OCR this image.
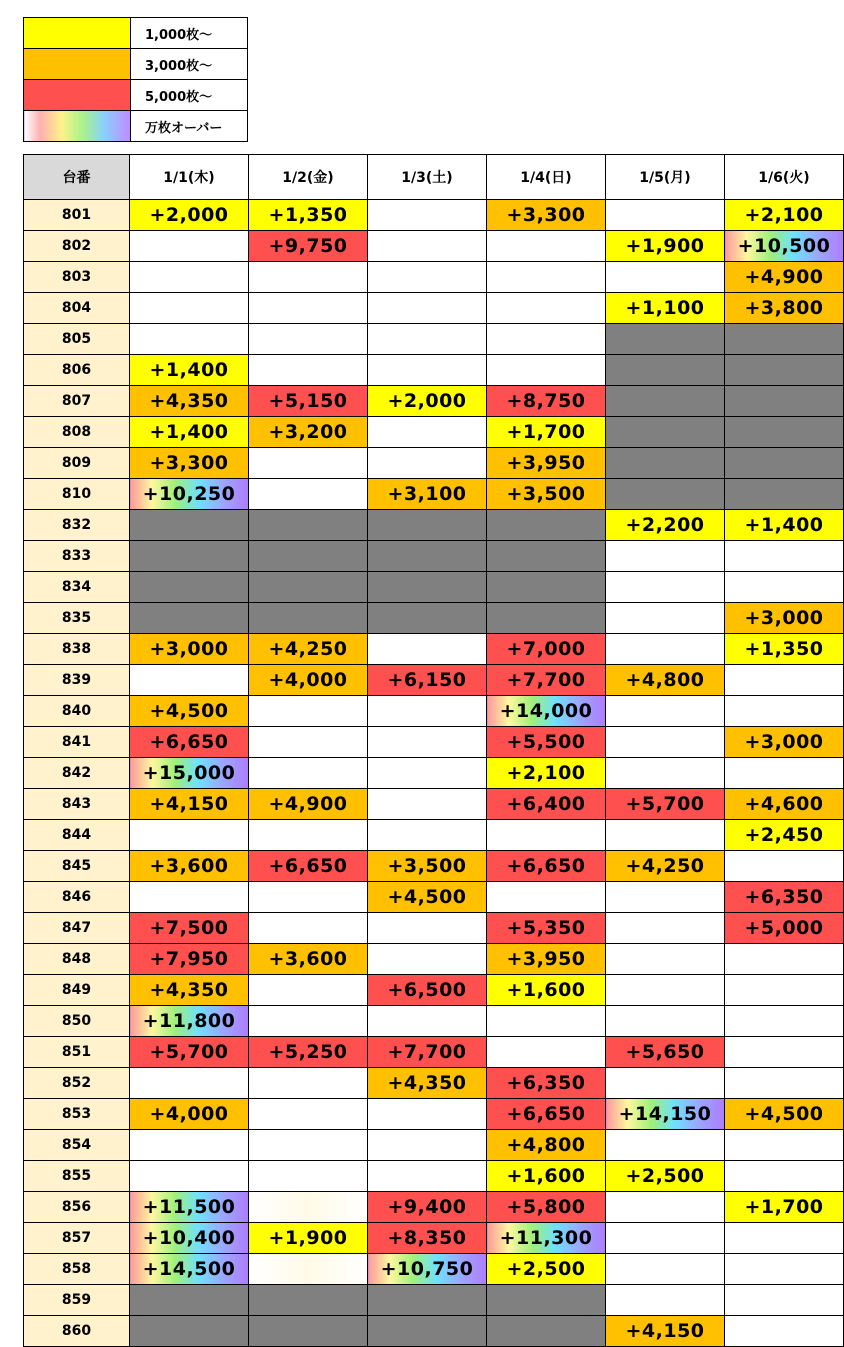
	1,000枚～
	3,000枚～
	5,000枚～
	万枚オーバー
台番	1/1(木)	1/2(金)	1/3(土)	1/4(日)	1/5(月)	1/6(火)
801	+2,000	+1,350		+3,300		+2,100
802		+9,750			+1,900	+10,500
803						+4,900
804					+1,100	+3,800
805						
806	+1,400					
807	+4,350	+5,150	+2,000	+8,750		
808	+1,400	+3,200		+1,700		
809	+3,300			+3,950		
810	+10,250		+3,100	+3,500		
832					+2,200	+1,400
833						
834						
835						+3,000
838	+3,000	+4,250		+7,000		+1,350
839		+4,000	+6,150	+7,700	+4,800	
840	+4,500			+14,000		
841	+6,650			+5,500		+3,000
842	+15,000			+2,100		
843	+4,150	+4,900		+6,400	+5,700	+4,600
844						+2,450
845	+3,600	+6,650	+3,500	+6,650	+4,250	
846			+4,500			+6,350
847	+7,500			+5,350		+5,000
848	+7,950	+3,600		+3,950		
849	+4,350		+6,500	+1,600		
850	+11,800					
851	+5,700	+5,250	+7,700		+5,650	
852			+4,350	+6,350		
853	+4,000			+6,650	+14,150	+4,500
854				+4,800		
855				+1,600	+2,500	
856	+11,500		+9,400	+5,800		+1,700
857	+10,400	+1,900	+8,350	+11,300		
858	+14,500		+10,750	+2,500		
859						
860					+4,150	
